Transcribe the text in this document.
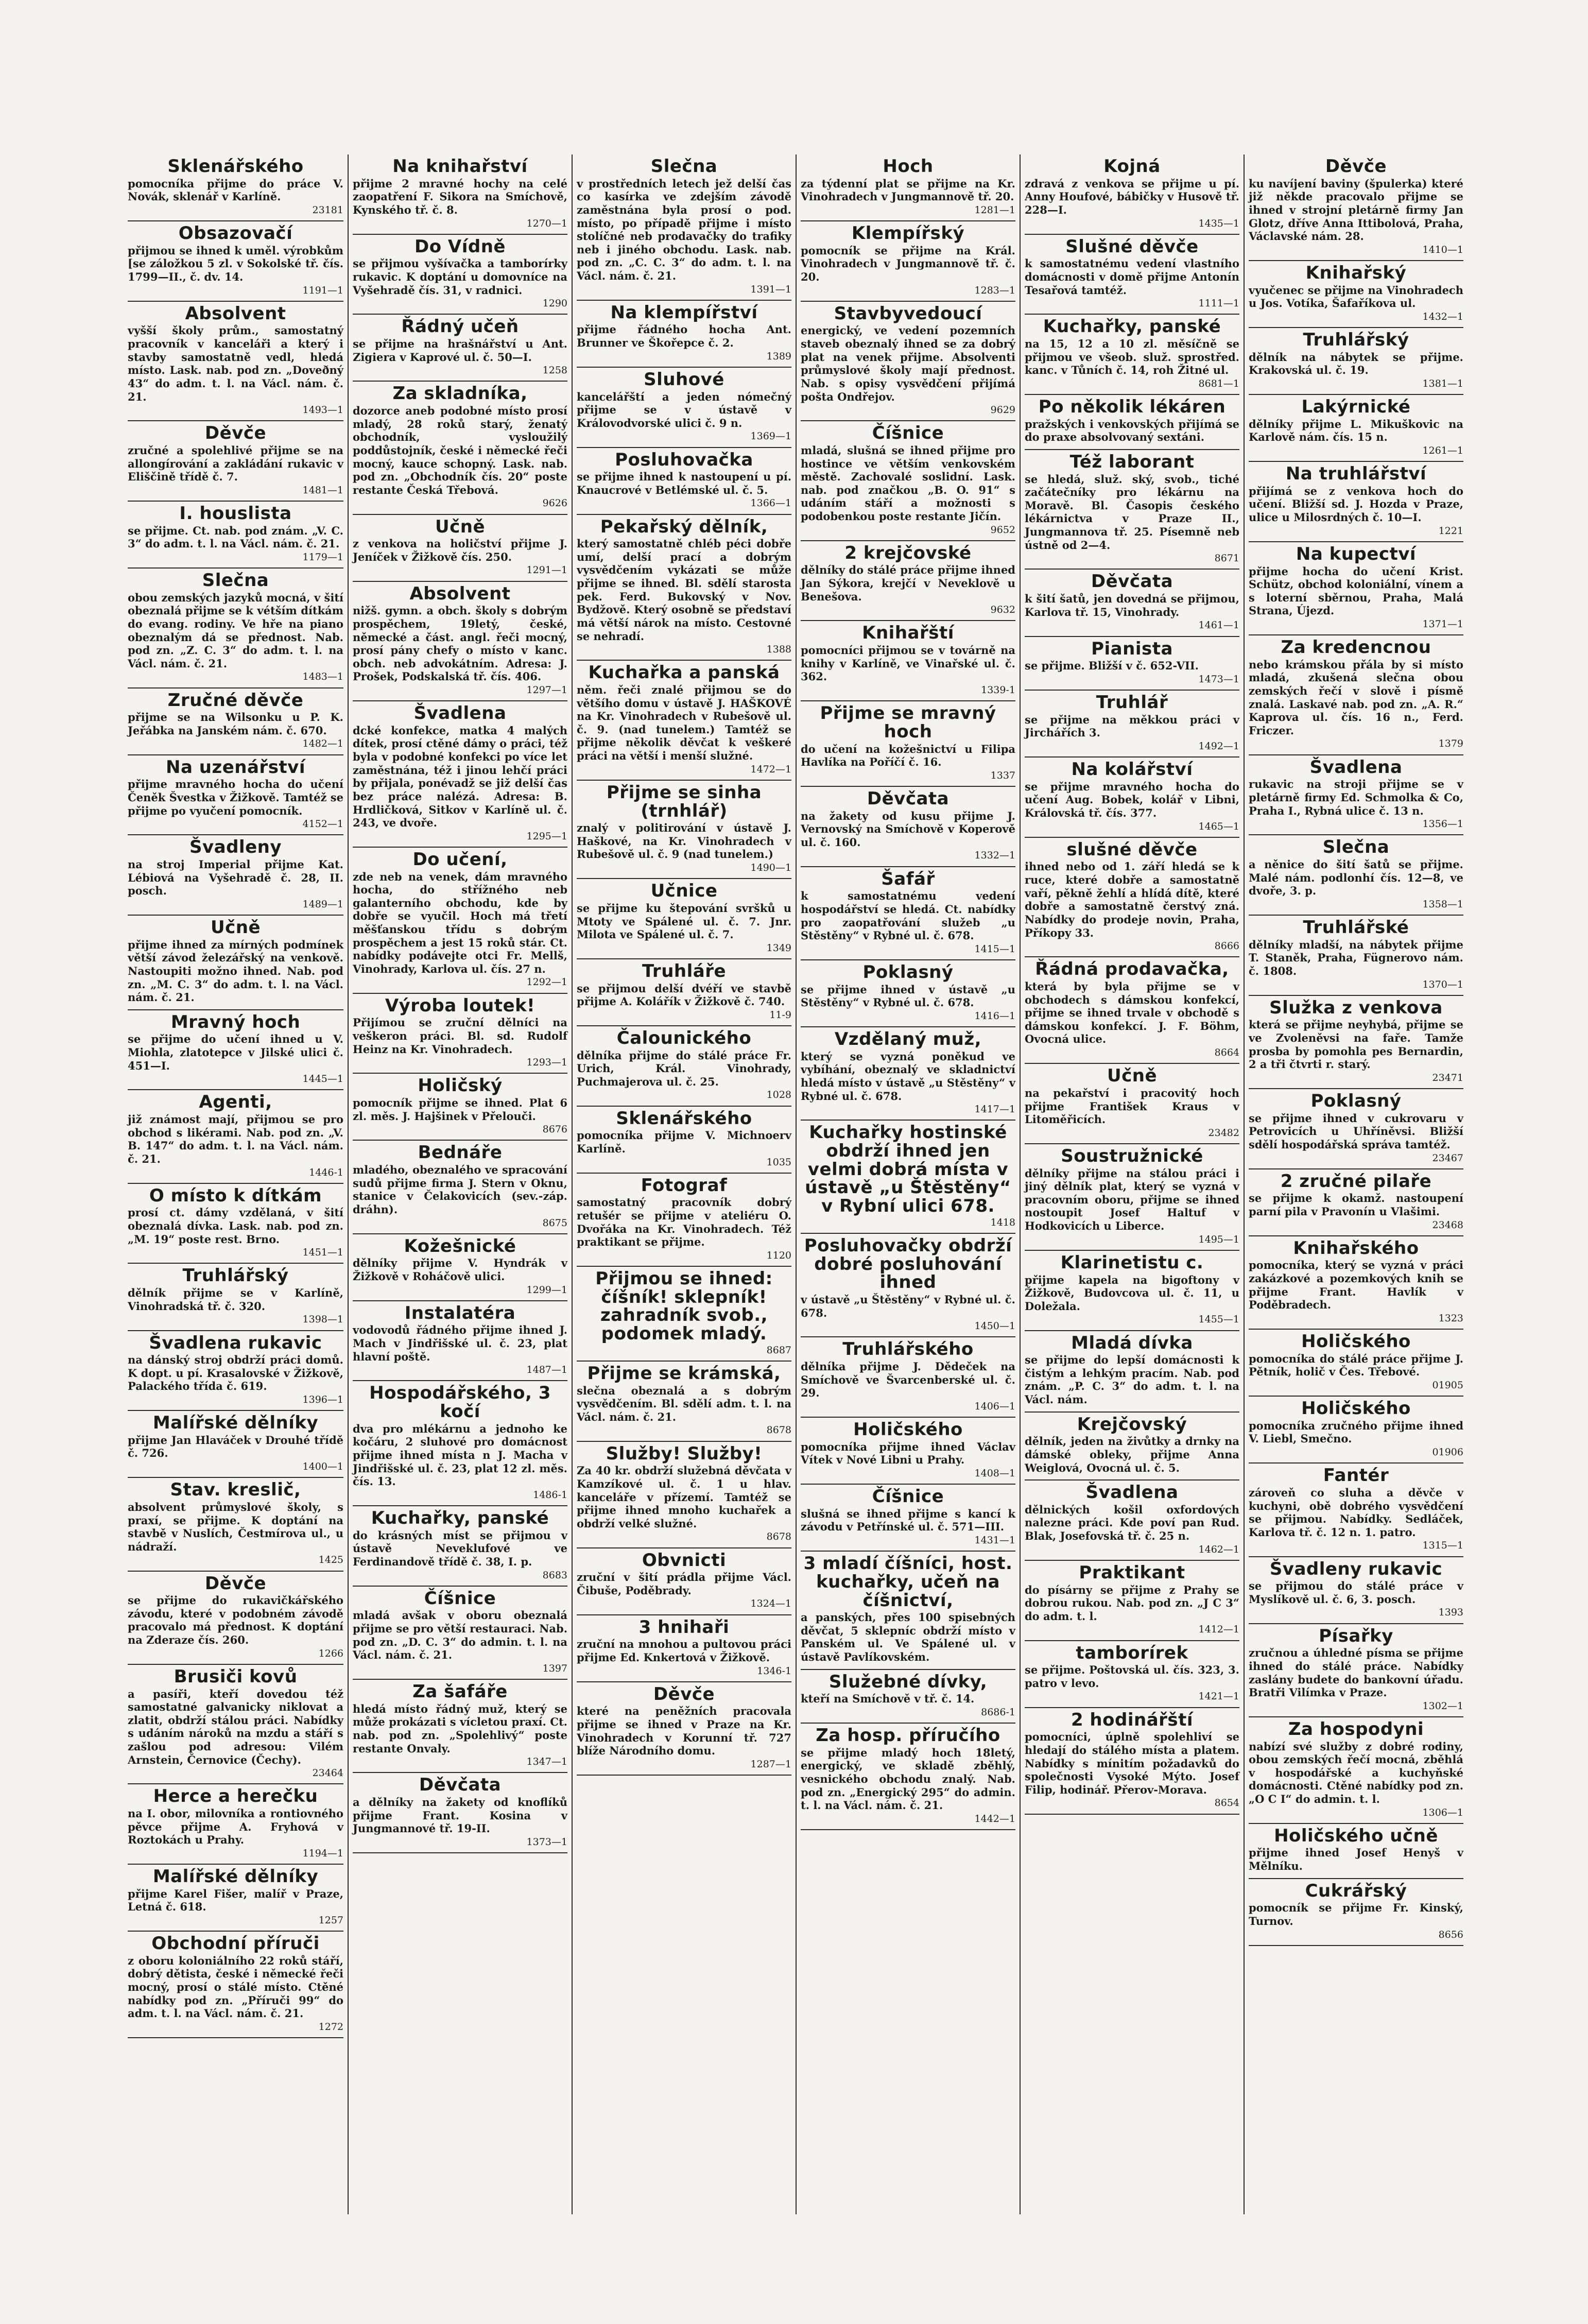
Sklenářského

pomocníka přijme do práce V. Novák, sklenář v Karlíně.

23181

Obsazovačí

přijmou se ihned k uměl. výrobkům [se záložkou 5 zl. v Sokolské tř. čís. 1799—II., č. dv. 14.

1191—1

Absolvent

vyšší školy prům., samostatný pracovník v kanceláři a který i stavby samostatně vedl, hledá místo. Lask. nab. pod zn. „Doveðný 43“ do adm. t. l. na Václ. nám. č. 21.

1493—1

Děvče

zručné a spolehlivé přijme se na allongírování a zakládání rukavic v Eliščině třídě č. 7.

1481—1

I. houslista

se přijme. Ct. nab. pod znám. „V. C. 3“ do adm. t. l. na Václ. nám. č. 21.

1179—1

Slečna

obou zemských jazyků mocná, v šití obeznalá přijme se k vétším dítkám do evang. rodiny. Ve hře na piano obeznalým dá se přednost. Nab. pod zn. „Z. C. 3“ do adm. t. l. na Václ. nám. č. 21.

1483—1

Zručné děvče

přijme se na Wilsonku u P. K. Jeřábka na Janském nám. č. 670.

1482—1

Na uzenářství

přijme mravného hocha do učení Čeněk Švestka v Žižkově. Tamtéž se přijme po vyučení pomocník.

4152—1

Švadleny

na stroj Imperial přijme Kat. Lébiová na Vyšehradě č. 28, II. posch.

1489—1

Učně

přijme ihned za mírných podmínek větší závod železářský na venkově. Nastoupiti možno ihned. Nab. pod zn. „M. C. 3“ do adm. t. l. na Václ. nám. č. 21.

Mravný hoch

se přijme do učení ihned u V. Miohla, zlatotepce v Jilské ulici č. 451—I.

1445—1

Agenti,

již známost mají, přijmou se pro obchod s likérami. Nab. pod zn. „V. B. 147“ do adm. t. l. na Václ. nám. č. 21.

1446-1

O místo k dítkám

prosí ct. dámy vzdělaná, v šití obeznalá dívka. Lask. nab. pod zn. „M. 19“ poste rest. Brno.

1451—1

Truhlářský

dělník přijme se v Karlíně, Vinohradská tř. č. 320.

1398—1

Švadlena rukavic

na dánský stroj obdrží práci domů. K dopt. u pí. Krasalovské v Žižkově, Palackého třída č. 619.

1396—1

Malířské dělníky

přijme Jan Hlaváček v Drouhé třídě č. 726.

1400—1

Stav. kreslič,

absolvent průmyslové školy, s praxí, se přijme. K doptání na stavbě v Nuslích, Čestmírova ul., u nádraží.

1425

Děvče

se přijme do rukavičkářského závodu, které v podobném závodě pracovalo má přednost. K doptání na Zderaze čís. 260.

1266

Brusiči kovů

a pasíři, kteří dovedou též samostatné galvanicky niklovat a zlatit, obdrží stálou práci. Nabídky s udáním nároků na mzdu a stáří s zašlou pod adresou: Vilém Arnstein, Černovice (Čechy).

23464

Herce a herečku

na I. obor, milovníka a rontiovného pěvce přijme A. Fryhová v Roztokách u Prahy.

1194—1

Malířské dělníky

přijme Karel Fišer, malíř v Praze, Letná č. 618.

1257

Obchodní příruči

z oboru koloniálního 22 roků stáří, dobrý dětista, české i německé řeči mocný, prosí o stálé místo. Ctěné nabídky pod zn. „Příruči 99“ do adm. t. l. na Václ. nám. č. 21.

1272

Na knihařství

přijme 2 mravné hochy na celé zaopatření F. Sikora na Smíchově, Kynského tř. č. 8.

1270—1

Do Vídně

se přijmou vyšívačka a tamborírky rukavic. K doptání u domovníce na Vyšehradě čís. 31, v radnici.

1290

Řádný učeň

se přijme na hrašnářství u Ant. Zigiera v Kaprové ul. č. 50—I.

1258

Za skladníka,

dozorce aneb podobné místo prosí mladý, 28 roků starý, ženatý obchodník, vysloužilý poddůstojník, české i německé řeči mocný, kauce schopný. Lask. nab. pod zn. „Obchodník čís. 20“ poste restante Česká Třebová.

9626

Učně

z venkova na holičství přijme J. Jeníček v Žižkově čís. 250.

1291—1

Absolvent

nižš. gymn. a obch. školy s dobrým prospěchem, 19letý, české, německé a část. angl. řeči mocný, prosí pány chefy o místo v kanc. obch. neb advokátním. Adresa: J. Prošek, Podskalská tř. čís. 406.

1297—1

Švadlena

dcké konfekce, matka 4 malých dítek, prosí ctěné dámy o práci, též byla v podobné konfekci po více let zaměstnána, též i jinou lehčí práci by přijala, ponévadž se již delší čas bez práce nalézá. Adresa: B. Hrdličková, Sitkov v Karlíně ul. č. 243, ve dvoře.

1295—1

Do učení,

zde neb na venek, dám mravného hocha, do střížného neb galanterního obchodu, kde by dobře se vyučil. Hoch má třetí měšťanskou třídu s dobrým prospěchem a jest 15 roků stár. Ct. nabídky podávejte otci Fr. Mellš, Vinohrady, Karlova ul. čís. 27 n.

1292—1

Výroba loutek!

Přijímou se zruční dělníci na veškeron práci. Bl. sd. Rudolf Heinz na Kr. Vinohradech.

1293—1

Holičský

pomocník přijme se ihned. Plat 6 zl. měs. J. Hajšinek v Přelouči.

8676

Bednáře

mladého, obeznalého ve spracování sudů přijme firma J. Stern v Oknu, stanice v Čelakovicích (sev.-záp. dráhn).

8675

Kožešnické

dělníky přijme V. Hyndrák v Žižkově v Roháčově ulici.

1299—1

Instalatéra

vodovodů řádného přijme ihned J. Mach v Jindřišské ul. č. 23, plat hlavní poště.

1487—1

Hospodářského, 3 kočí

dva pro mlékárnu a jednoho ke kočáru, 2 sluhové pro domácnost přijme ihned místa n J. Macha v Jindřišské ul. č. 23, plat 12 zl. měs. čís. 13.

1486-1

Kuchařky, panské

do krásných míst se přijmou v ústavě Neveklufové ve Ferdinandově třídě č. 38, I. p.

8683

Číšnice

mladá avšak v oboru obeznalá přijme se pro větší restauraci. Nab. pod zn. „D. C. 3“ do admin. t. l. na Václ. nám. č. 21.

1397

Za šafáře

hledá místo řádný muž, který se může prokázati s vícletou praxí. Ct. nab. pod zn. „Spolehlivý“ poste restante Onvaly.

1347—1

Děvčata

a dělníky na žakety od knoflíků přijme Frant. Kosina v Jungmannové tř. 19-II.

1373—1

Slečna

v prostředních letech jež delší čas co kasírka ve zdejším závodě zaměstnána byla prosí o pod. místo, po případě přijme i místo stolíčné neb prodavačky do trafiky neb i jiného obchodu. Lask. nab. pod zn. „C. C. 3“ do adm. t. l. na Václ. nám. č. 21.

1391—1

Na klempířství

přijme řádného hocha Ant. Brunner ve Škořepce č. 2.

1389

Sluhové

kancelářští a jeden nómečný přijme se v ústavě v Královodvorské ulici č. 9 n.

1369—1

Posluhovačka

se přijme ihned k nastoupení u pí. Knaucrové v Betlémské ul. č. 5.

1366—1

Pekařský dělník,

který samostatně chléb péci dobře umí, delší prací a dobrým vysvědčením vykázati se může přijme se ihned. Bl. sdělí starosta pek. Ferd. Bukovský v Nov. Bydžově. Který osobně se představí má větší nárok na místo. Cestovné se nehradí.

1388

Kuchařka a panská

něm. řeči znalé přijmou se do většího domu v ústavě J. HAŠKOVÉ na Kr. Vinohradech v Rubešově ul. č. 9. (nad tunelem.) Tamtéž se přijme několik děvčat k veškeré práci na větší i menší služné.

1472—1

Přijme se sinha (trnhlář)

znalý v politirování v ústavě J. Haškové, na Kr. Vinohradech v Rubešově ul. č. 9 (nad tunelem.)

1490—1

Učnice

se přijme ku štepování svršků u Mtoty ve Spálené ul. č. 7. Jnr. Milota ve Spálené ul. č. 7.

1349

Truhláře

se přijmou delší dvéří ve stavbě přijme A. Kolářík v Žižkově č. 740.

11-9

Čalounického

dělníka přijme do stálé práce Fr. Urich, Král. Vinohrady, Puchmajerova ul. č. 25.

1028

Sklenářského

pomocníka přijme V. Michnoerv Karlíně.

1035

Fotograf

samostatný pracovník dobrý retušér se přijme v ateliéru O. Dvořáka na Kr. Vinohradech. Též praktikant se přijme.

1120

Přijmou se ihned: číšník! sklepník! zahradník svob., podomek mladý.

8687

Přijme se krámská,

slečna obeznalá a s dobrým vysvědčením. Bl. sdělí adm. t. l. na Václ. nám. č. 21.

8678

Služby! Služby!

Za 40 kr. obdrží služebná děvčata v Kamzíkové ul. č. 1 u hlav. kanceláře v přízemí. Tamtéž se přijme ihned mnoho kuchařek a obdrží velké služné.

8678

Obvnicti

zruční v šití prádla přijme Václ. Čibuše, Poděbrady.

1324—1

3 hnihaři

zruční na mnohou a pultovou práci přijme Ed. Knkertová v Žižkově.

1346-1

Děvče

které na peněžních pracovala přijme se ihned v Praze na Kr. Vinohradech v Korunní tř. 727 blíže Národního domu.

1287—1

Hoch

za týdenní plat se přijme na Kr. Vinohradech v Jungmannově tř. 20.

1281—1

Klempířský

pomocník se přijme na Král. Vinohradech v Jungmannově tř. č. 20.

1283—1

Stavbyvedoucí

energický, ve vedení pozemních staveb obeznalý ihned se za dobrý plat na venek přijme. Absolventi průmyslové školy mají přednost. Nab. s opisy vysvědčení přijímá pošta Ondřejov.

9629

Číšnice

mladá, slušná se ihned přijme pro hostince ve větším venkovském městě. Zachovalé soslidní. Lask. nab. pod značkou „B. O. 91“ s udáním stáří a možnosti s podobenkou poste restante Jičín.

9652

2 krejčovské

dělníky do stálé práce přijme ihned Jan Sýkora, krejčí v Neveklově u Benešova.

9632

Knihařští

pomocníci přijmou se v továrně na knihy v Karlíně, ve Vinařské ul. č. 362.

1339-1

Přijme se mravný hoch

do učení na kožešnictví u Filipa Havlíka na Poříčí č. 16.

1337

Děvčata

na žakety od kusu přijme J. Vernovský na Smíchově v Koperově ul. č. 160.

1332—1

Šafář

k samostatnému vedení hospodářství se hledá. Ct. nabídky pro zaopatřování služeb „u Stěstěny“ v Rybné ul. č. 678.

1415—1

Poklasný

se přijme ihned v ústavě „u Stěstěny“ v Rybné ul. č. 678.

1416—1

Vzdělaný muž,

který se vyzná poněkud ve vybíhání, obeznalý ve skladnictví hledá místo v ústavě „u Stěstěny“ v Rybné ul. č. 678.

1417—1

Kuchařky hostinské obdrží ihned jen velmi dobrá místa v ústavě „u Štěstěny“ v Rybní ulici 678.

1418

Posluhovačky obdrží dobré posluhování ihned

v ústavě „u Štěstěny“ v Rybné ul. č. 678.

1450—1

Truhlářského

dělníka přijme J. Dědeček na Smíchově ve Švarcenberské ul. č. 29.

1406—1

Holičského

pomocníka přijme ihned Václav Vítek v Nové Libni u Prahy.

1408—1

Číšnice

slušná se ihned přijme s kancí k závodu v Petřínské ul. č. 571—III.

1431—1

3 mladí číšníci, host. kuchařky, učeň na číšnictví,

a panských, přes 100 spisebných děvčat, 5 sklepníc obdrží místo v Panském ul. Ve Spálené ul. v ústavě Pavlíkovském.

Služebné dívky,

kteří na Smíchově v tř. č. 14.

8686-1

Za hosp. příručího

se přijme mladý hoch 18letý, energický, ve skladě zběhlý, vesnického obchodu znalý. Nab. pod zn. „Energický 295“ do admin. t. l. na Václ. nám. č. 21.

1442—1

Kojná

zdravá z venkova se přijme u pí. Anny Houfové, bábičky v Husově tř. 228—I.

1435—1

Slušné děvče

k samostatnému vedení vlastního domácnosti v domě přijme Antonín Tesařová tamtéž.

1111—1

Kuchařky, panské

na 15, 12 a 10 zl. měsíčně se přijmou ve všeob. služ. sprostřed. kanc. v Tůních č. 14, roh Žitné ul.

8681—1

Po několik lékáren

pražských i venkovských přijímá se do praxe absolvovaný sextáni.

Též laborant

se hledá, služ. ský, svob., tiché začátečníky pro lékárnu na Moravě. Bl. Časopis českého lékárnictva v Praze II., Jungmannova tř. 25. Písemně neb ústně od 2—4.

8671

Děvčata

k šití šatů, jen dovedná se přijmou, Karlova tř. 15, Vinohrady.

1461—1

Pianista

se přijme. Bližší v č. 652-VII.

1473—1

Truhlář

se přijme na měkkou práci v Jirchářích 3.

1492—1

Na kolářství

se přijme mravného hocha do učení Aug. Bobek, kolář v Libni, Královská tř. čís. 377.

1465—1

slušné děvče

ihned nebo od 1. září hledá se k ruce, které dobře a samostatně vaří, pěkně žehlí a hlídá dítě, které dobře a samostatně čerstvý zná. Nabídky do prodeje novin, Praha, Příkopy 33.

8666

Řádná prodavačka,

která by byla přijme se v obchodech s dámskou konfekcí, přijme se ihned trvale v obchodě s dámskou konfekcí. J. F. Böhm, Ovocná ulice.

8664

Učně

na pekařství i pracovitý hoch přijme František Kraus v Litoměřicích.

23482

Soustružnické

dělníky přijme na stálou práci i jiný dělník plat, který se vyzná v pracovním oboru, přijme se ihned nostoupit Josef Haltuf v Hodkovicích u Liberce.

1495—1

Klarinetistu c.

přijme kapela na bigoftony v Žižkově, Budovcova ul. č. 11, u Doležala.

1455—1

Mladá dívka

se přijme do lepší domácnosti k čistým a lehkým pracím. Nab. pod znám. „P. C. 3“ do adm. t. l. na Václ. nám.

Krejčovský

dělník, jeden na živůtky a drnky na dámské obleky, přijme Anna Weiglová, Ovocná ul. č. 5.

Švadlena

dělnických košil oxfordových nalezne práci. Kde poví pan Rud. Blak, Josefovská tř. č. 25 n.

1462—1

Praktikant

do písárny se přijme z Prahy se dobrou rukou. Nab. pod zn. „J C 3“ do adm. t. l.

1412—1

tamborírek

se přijme. Poštovská ul. čís. 323, 3. patro v levo.

1421—1

2 hodinářští

pomocníci, úplně spolehliví se hledají do stálého místa a platem. Nabídky s mínitím požadavků do společnosti Vysoké Mýto. Josef Filip, hodinář. Přerov-Morava.

8654

Děvče

ku navíjení baviny (špulerka) které již někde pracovalo přijme se ihned v strojní pletárně firmy Jan Glotz, dříve Anna Ittibolová, Praha, Václavské nám. 28.

1410—1

Knihařský

vyučenec se přijme na Vinohradech u Jos. Votíka, Šafaříkova ul.

1432—1

Truhlářský

dělník na nábytek se přijme. Krakovská ul. č. 19.

1381—1

Lakýrnické

dělníky přijme L. Mikuškovic na Karlově nám. čís. 15 n.

1261—1

Na truhlářství

přijímá se z venkova hoch do učení. Bližší sd. J. Hozda v Praze, ulice u Milosrdných č. 10—I.

1221

Na kupectví

přijme hocha do učení Krist. Schütz, obchod koloniální, vínem a s loterní sběrnou, Praha, Malá Strana, Újezd.

1371—1

Za kredencnou

nebo krámskou přála by si místo mladá, zkušená slečna obou zemských řečí v slově i písmě znalá. Laskavé nab. pod zn. „A. R.“ Kaprova ul. čís. 16 n., Ferd. Friczer.

1379

Švadlena

rukavic na stroji přijme se v pletárně firmy Ed. Schmolka & Co, Praha I., Rybná ulice č. 13 n.

1356—1

Slečna

a něnice do šití šatů se přijme. Malé nám. podlonhí čís. 12—8, ve dvoře, 3. p.

1358—1

Truhlářské

dělníky mladší, na nábytek přijme T. Staněk, Praha, Fügnerovo nám. č. 1808.

1370—1

Služka z venkova

která se přijme neyhybá, přijme se ve Zvoleněvsi na faře. Tamže prosba by pomohla pes Bernardin, 2 a tři čtvrti r. starý.

23471

Poklasný

se přijme ihned v cukrovaru v Petrovicích u Uhříněvsi. Bližší sdělí hospodářská správa tamtéž.

23467

2 zručné pilaře

se přijme k okamž. nastoupení parní pila v Pravonín u Vlašimi.

23468

Knihařského

pomocníka, který se vyzná v práci zakázkové a pozemkových knih se přijme Frant. Havlík v Poděbradech.

1323

Holičského

pomocníka do stálé práce přijme J. Pětník, holič v Čes. Třebové.

01905

Holičského

pomocníka zručného přijme ihned V. Liebl, Smečno.

01906

Fantér

zároveň co sluha a děvče v kuchyni, obě dobrého vysvědčení se přijmou. Nabídky. Sedláček, Karlova tř. č. 12 n. 1. patro.

1315—1

Švadleny rukavic

se přijmou do stálé práce v Myslíkově ul. č. 6, 3. posch.

1393

Písařky

zručnou a úhledné písma se přijme ihned do stálé práce. Nabídky zaslány budete do bankovní úřadu. Bratři Vilímka v Praze.

1302—1

Za hospodyni

nabízí své služby z dobré rodiny, obou zemských řečí mocná, zběhlá v hospodářské a kuchyňské domácnosti. Ctěné nabídky pod zn. „O C I“ do admin. t. l.

1306—1

Holičského učně

přijme ihned Josef Henyš v Mělníku.

Cukrářský

pomocník se přijme Fr. Kinský, Turnov.

8656
